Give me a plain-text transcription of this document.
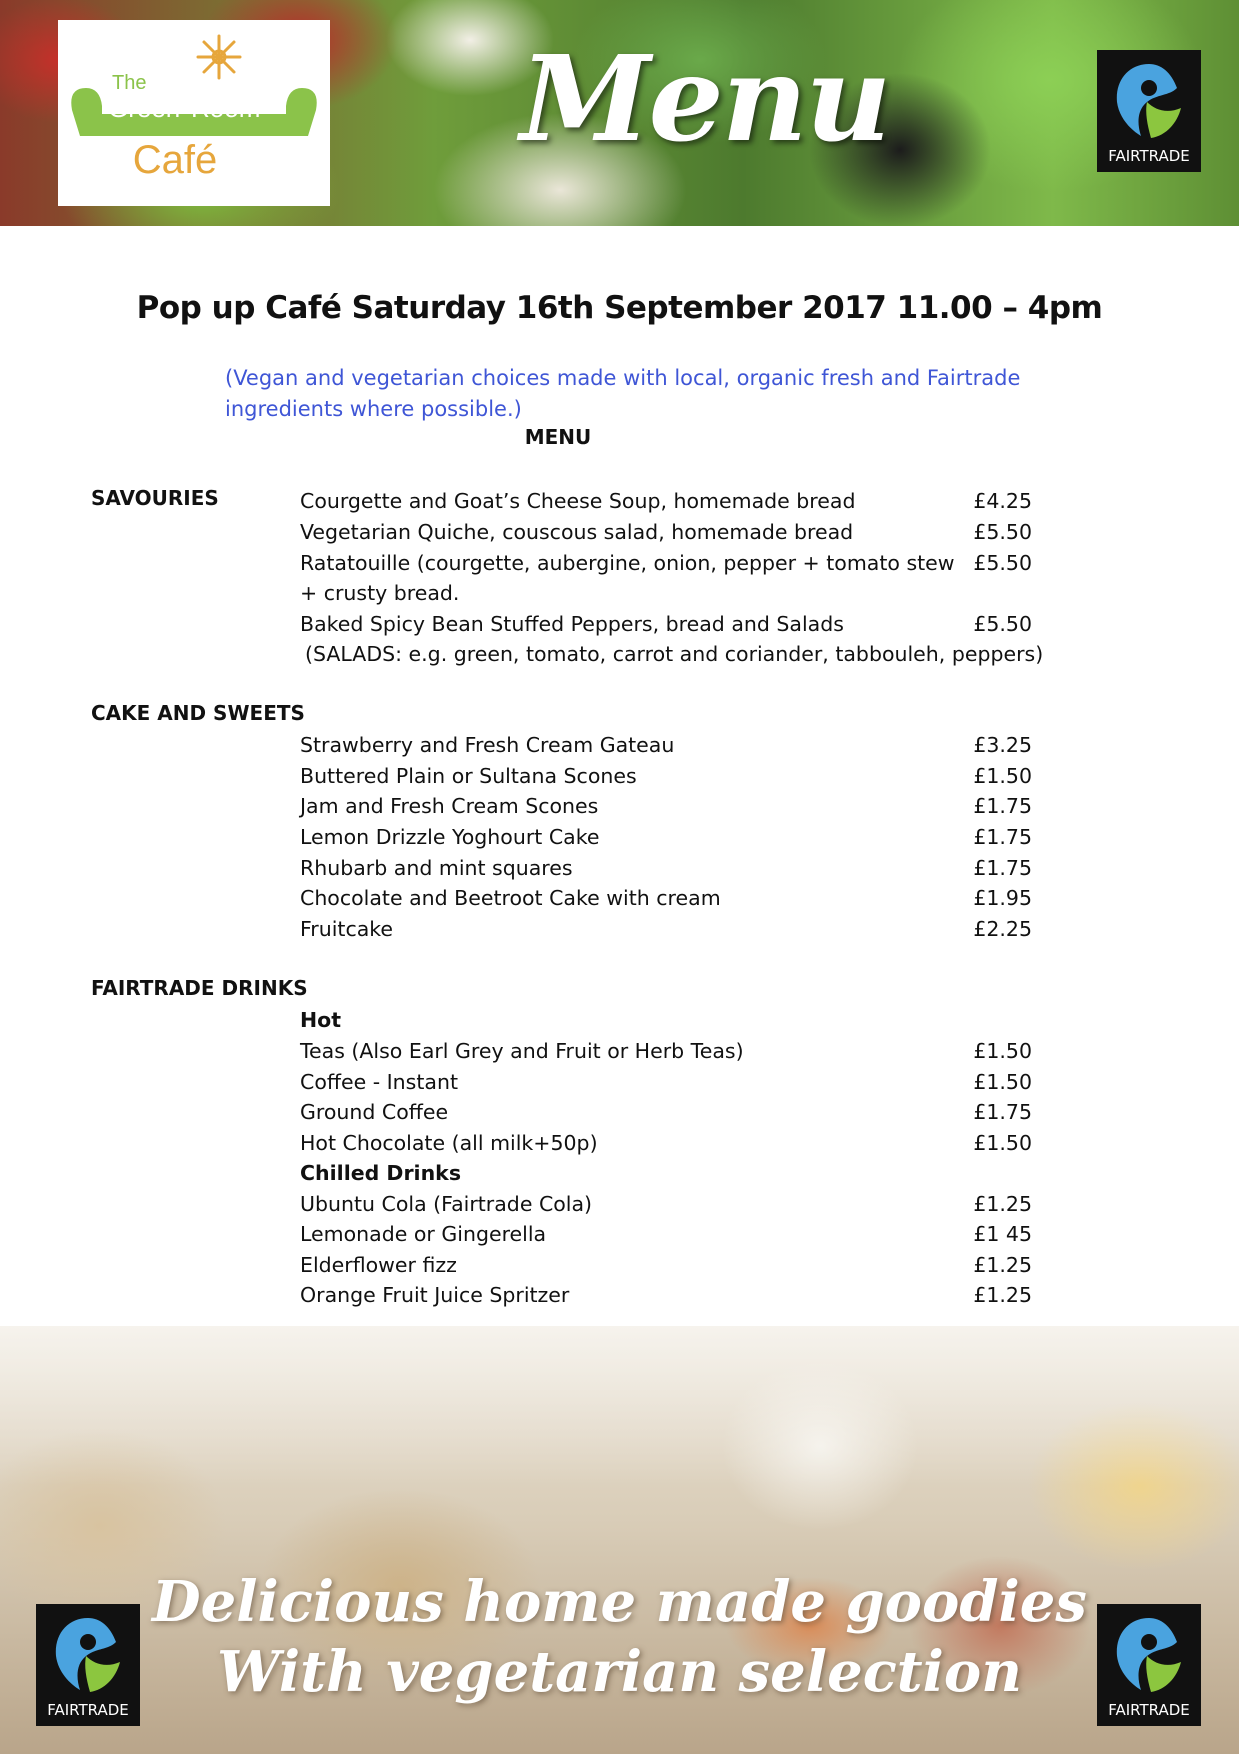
The
Green Room
Café	Menu	FAIRTRADE
Pop up Café Saturday 16th September 2017 11.00 – 4pm
(Vegan and vegetarian choices made with local, organic fresh and Fairtrade ingredients where possible.)
MENU
SAVOURIES	Courgette and Goat’s Cheese Soup, homemade bread	£4.25
Vegetarian Quiche, couscous salad, homemade bread	£5.50
Ratatouille (courgette, aubergine, onion, pepper + tomato stew £5.50
+ crusty bread.
Baked Spicy Bean Stuffed Peppers, bread and Salads	£5.50
(SALADS: e.g. green, tomato, carrot and coriander, tabbouleh, peppers)
CAKE AND SWEETS
Strawberry and Fresh Cream Gateau	£3.25
Buttered Plain or Sultana Scones	£1.50
Jam and Fresh Cream Scones	£1.75
Lemon Drizzle Yoghourt Cake	£1.75
Rhubarb and mint squares	£1.75
Chocolate and Beetroot Cake with cream	£1.95
Fruitcake	£2.25
FAIRTRADE DRINKS
Hot
Teas (Also Earl Grey and Fruit or Herb Teas)	£1.50
Coffee - Instant	£1.50
Ground Coffee	£1.75
Hot Chocolate (all milk+50p)	£1.50
Chilled Drinks
Ubuntu Cola (Fairtrade Cola)	£1.25
Lemonade or Gingerella	£1 45
Elderflower fizz	£1.25
Orange Fruit Juice Spritzer	£1.25
FAIRTRADE	FAIRTRADE
Delicious home made goodies
With vegetarian selection
